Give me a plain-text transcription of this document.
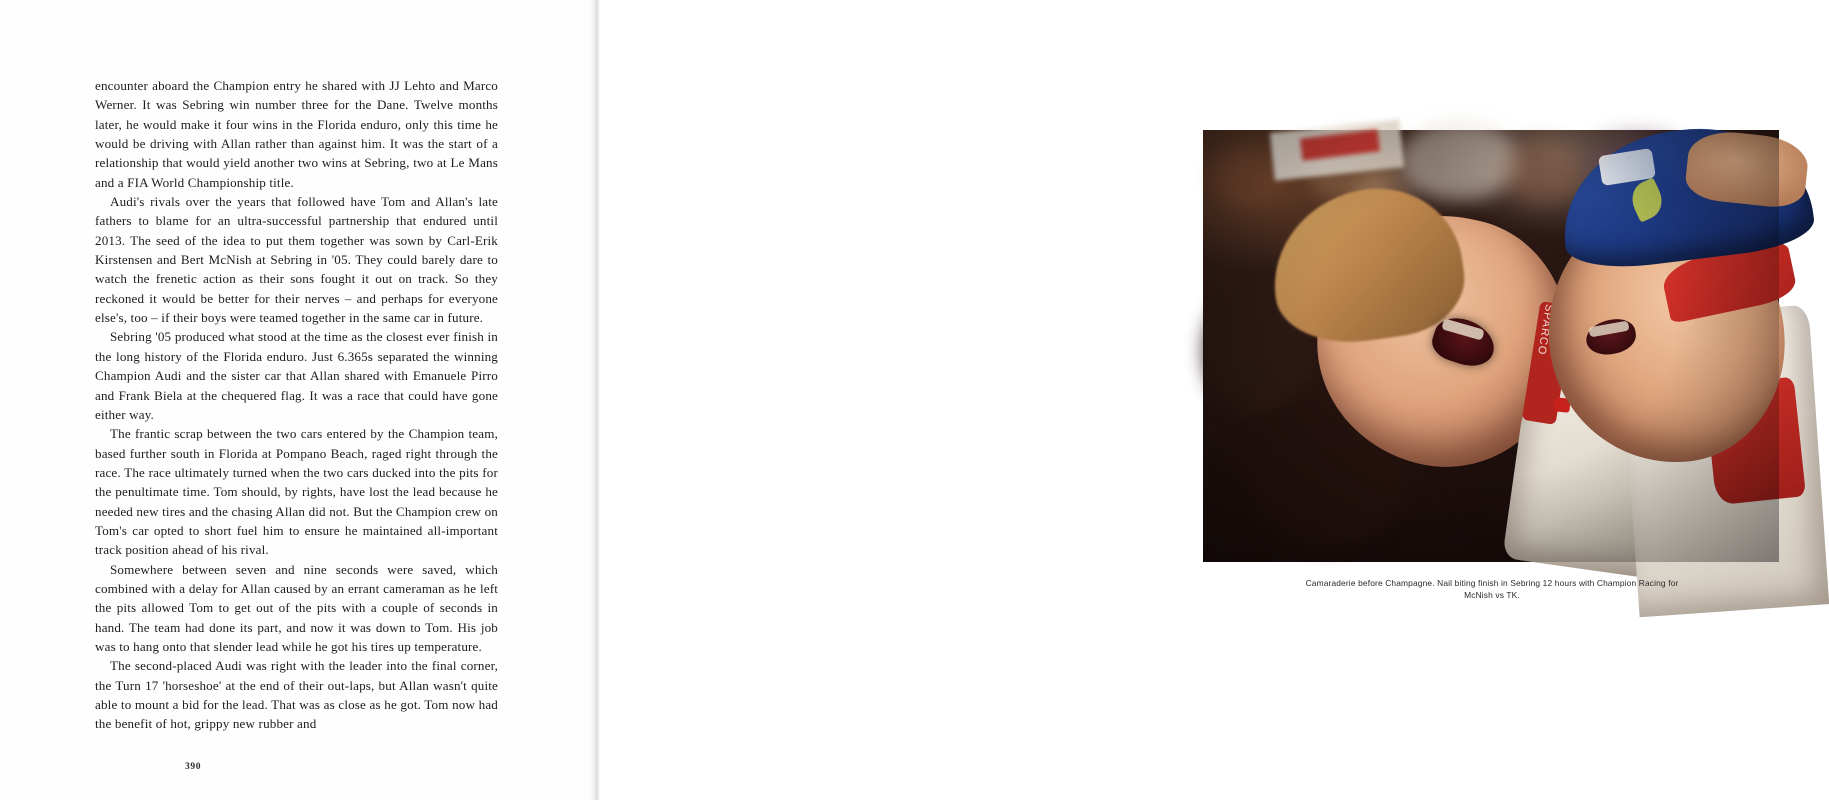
encounter aboard the Champion entry he shared with JJ Lehto and Marco Werner. It was Sebring win number three for the Dane. Twelve months later, he would make it four wins in the Florida enduro, only this time he would be driving with Allan rather than against him. It was the start of a relationship that would yield another two wins at Sebring, two at Le Mans and a FIA World Championship title.

Audi's rivals over the years that followed have Tom and Allan's late fathers to blame for an ultra-successful partnership that endured until 2013. The seed of the idea to put them together was sown by Carl-Erik Kirstensen and Bert McNish at Sebring in '05. They could barely dare to watch the frenetic action as their sons fought it out on track. So they reckoned it would be better for their nerves – and perhaps for everyone else's, too – if their boys were teamed together in the same car in future.

Sebring '05 produced what stood at the time as the closest ever finish in the long history of the Florida enduro. Just 6.365s separated the winning Champion Audi and the sister car that Allan shared with Emanuele Pirro and Frank Biela at the chequered flag. It was a race that could have gone either way.

The frantic scrap between the two cars entered by the Champion team, based further south in Florida at Pompano Beach, raged right through the race. The race ultimately turned when the two cars ducked into the pits for the penultimate time. Tom should, by rights, have lost the lead because he needed new tires and the chasing Allan did not. But the Champion crew on Tom's car opted to short fuel him to ensure he maintained all-important track position ahead of his rival.

Somewhere between seven and nine seconds were saved, which combined with a delay for Allan caused by an errant cameraman as he left the pits allowed Tom to get out of the pits with a couple of seconds in hand. The team had done its part, and now it was down to Tom. His job was to hang onto that slender lead while he got his tires up temperature.

The second-placed Audi was right with the leader into the final corner, the Turn 17 'horseshoe' at the end of their out-laps, but Allan wasn't quite able to mount a bid for the lead. That was as close as he got. Tom now had the benefit of hot, grippy new rubber and

390
Camaraderie before Champagne. Nail biting finish in Sebring 12 hours with Champion Racing for McNish vs TK.
